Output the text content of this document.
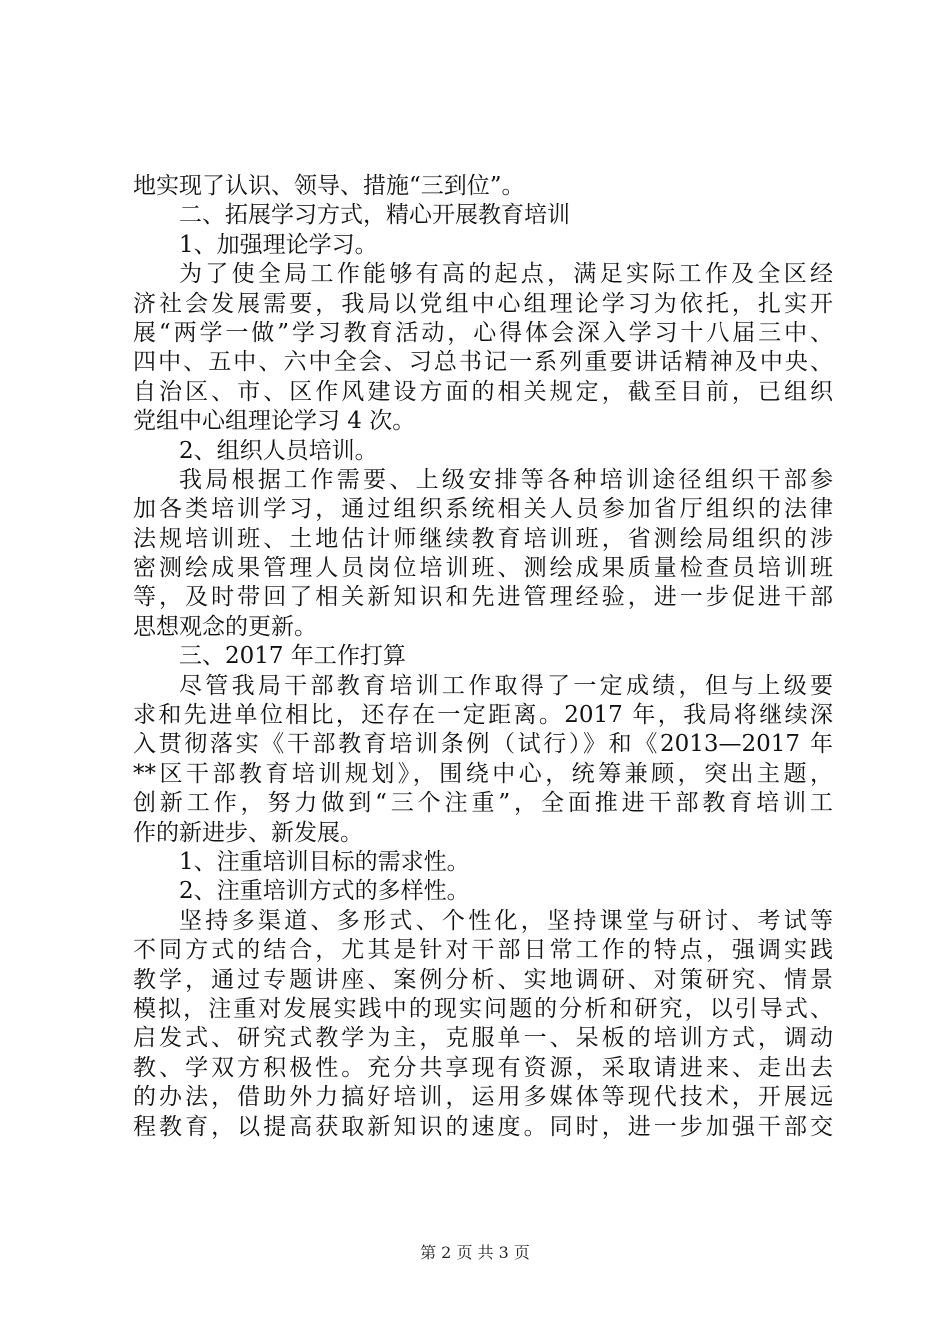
地实现了认识、领导、措施“三到位”。
二、拓展学习方式，精心开展教育培训
1、加强理论学习。
为了使全局工作能够有高的起点，满足实际工作及全区经
济社会发展需要，我局以党组中心组理论学习为依托，扎实开
展“两学一做”学习教育活动，心得体会深入学习十八届三中、
四中、五中、六中全会、习总书记一系列重要讲话精神及中央、
自治区、市、区作风建设方面的相关规定，截至目前，已组织
党组中心组理论学习 4 次。
2、组织人员培训。
我局根据工作需要、上级安排等各种培训途径组织干部参
加各类培训学习，通过组织系统相关人员参加省厅组织的法律
法规培训班、土地估计师继续教育培训班，省测绘局组织的涉
密测绘成果管理人员岗位培训班、测绘成果质量检查员培训班
等，及时带回了相关新知识和先进管理经验，进一步促进干部
思想观念的更新。
三、2017 年工作打算
尽管我局干部教育培训工作取得了一定成绩，但与上级要
求和先进单位相比，还存在一定距离。2017 年，我局将继续深
入贯彻落实《干部教育培训条例（试行）》和《2013—2017 年
**区干部教育培训规划》，围绕中心，统筹兼顾，突出主题，
创新工作，努力做到“三个注重”，全面推进干部教育培训工
作的新进步、新发展。
1、注重培训目标的需求性。
2、注重培训方式的多样性。
坚持多渠道、多形式、个性化，坚持课堂与研讨、考试等
不同方式的结合，尤其是针对干部日常工作的特点，强调实践
教学，通过专题讲座、案例分析、实地调研、对策研究、情景
模拟，注重对发展实践中的现实问题的分析和研究，以引导式、
启发式、研究式教学为主，克服单一、呆板的培训方式，调动
教、学双方积极性。充分共享现有资源，采取请进来、走出去
的办法，借助外力搞好培训，运用多媒体等现代技术，开展远
程教育，以提高获取新知识的速度。同时，进一步加强干部交
第 2 页 共 3 页
